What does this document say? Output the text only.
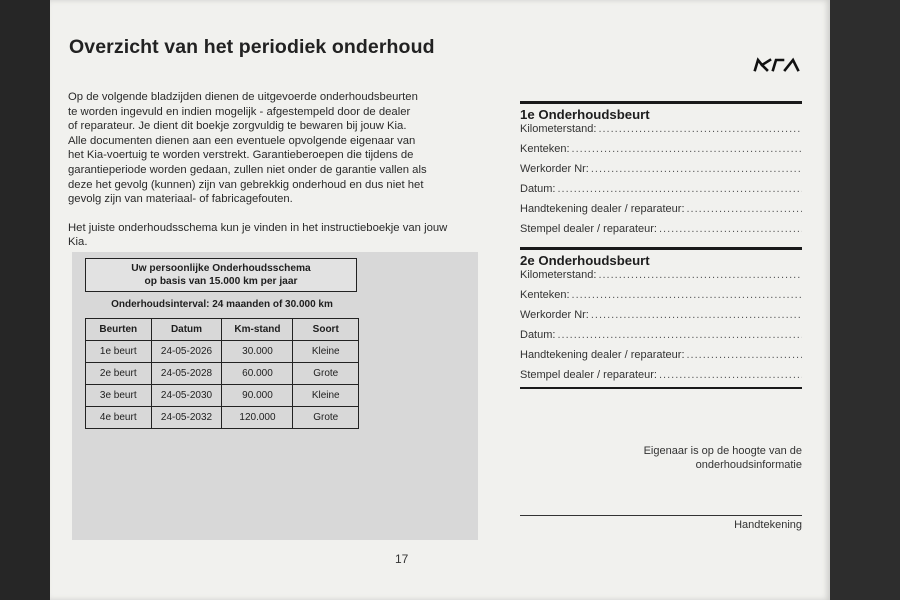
Overzicht van het periodiek onderhoud

Op de volgende bladzijden dienen de uitgevoerde onderhoudsbeurten
te worden ingevuld en indien mogelijk - afgestempeld door de dealer
of reparateur. Je dient dit boekje zorgvuldig te bewaren bij jouw Kia.
Alle documenten dienen aan een eventuele opvolgende eigenaar van
het Kia-voertuig te worden verstrekt. Garantieberoepen die tijdens de
garantieperiode worden gedaan, zullen niet onder de garantie vallen als
deze het gevolg (kunnen) zijn van gebrekkig onderhoud en dus niet het
gevolg zijn van materiaal- of fabricagefouten.

Het juiste onderhoudsschema kun je vinden in het instructieboekje van jouw
Kia.

Uw persoonlijke Onderhoudsschema
op basis van 15.000 km per jaar
Onderhoudsinterval: 24 maanden of 30.000 km
Beurten	Datum	Km-stand	Soort
1e beurt	24-05-2026	30.000	Kleine
2e beurt	24-05-2028	60.000	Grote
3e beurt	24-05-2030	90.000	Kleine
4e beurt	24-05-2032	120.000	Grote
1e Onderhoudsbeurt
Kilometerstand:
.....
Kenteken:
.....
Werkorder Nr:
.....
Datum:
.....
Handtekening dealer / reparateur:
.....
Stempel dealer / reparateur:
.....
2e Onderhoudsbeurt
Kilometerstand:
.....
Kenteken:
.....
Werkorder Nr:
.....
Datum:
.....
Handtekening dealer / reparateur:
.....
Stempel dealer / reparateur:
.....
Eigenaar is op de hoogte van de
onderhoudsinformatie
Handtekening
17
